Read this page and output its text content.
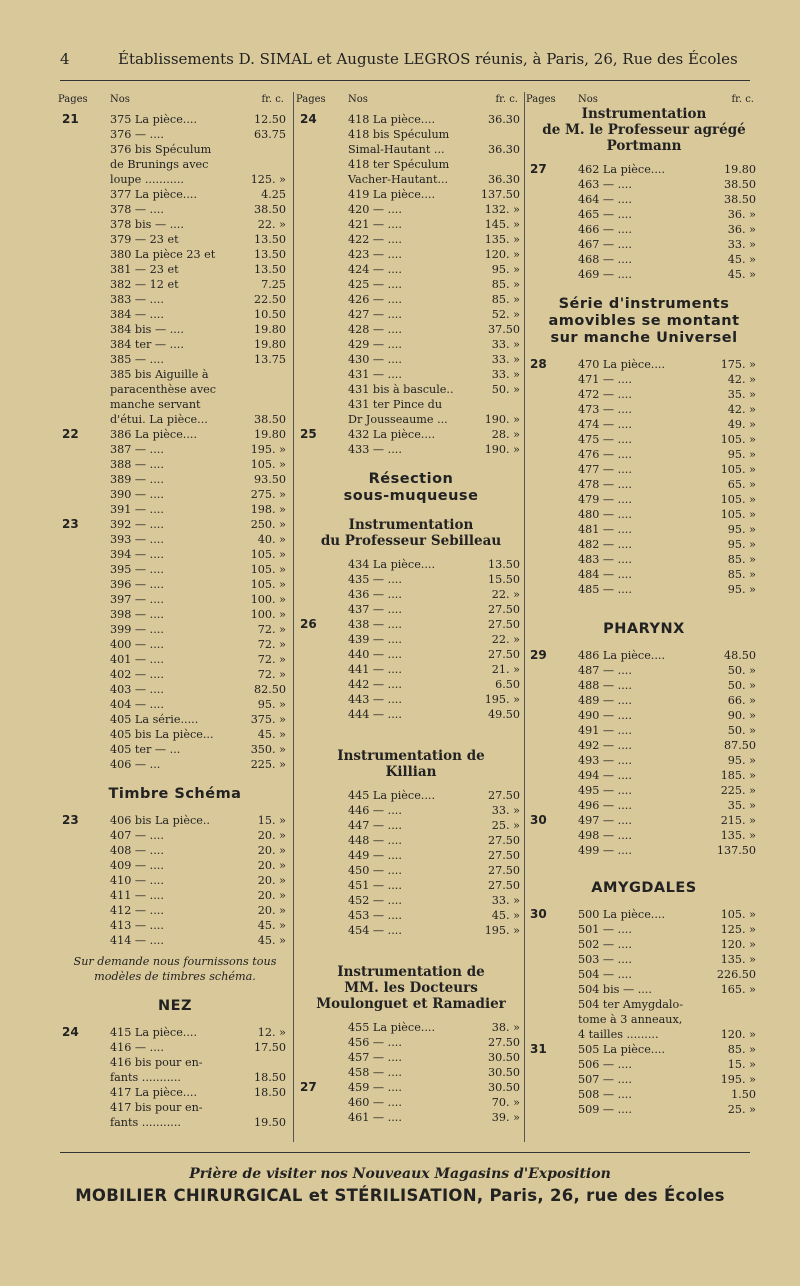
4	Établissements D. SIMAL et Auguste LEGROS réunis, à Paris, 26, Rue des Écoles
Pages Nos	fr. c.
21	375 La pièce....	12.50
376 — ....	63.75
376 bis Spéculum
de Brunings avec
loupe ...........	125. »
377 La pièce....	4.25
378 — ....	38.50
378 bis — ....	22. »
379 — 23 et	13.50
380 La pièce 23 et	13.50
381 — 23 et	13.50
382 — 12 et	7.25
383 — ....	22.50
384 — ....	10.50
384 bis — ....	19.80
384 ter — ....	19.80
385 — ....	13.75
385 bis Aiguille à
paracenthèse avec
manche servant
d'étui. La pièce...	38.50
22	386 La pièce....	19.80
387 — ....	195. »
388 — ....	105. »
389 — ....	93.50
390 — ....	275. »
391 — ....	198. »
23	392 — ....	250. »
393 — ....	40. »
394 — ....	105. »
395 — ....	105. »
396 — ....	105. »
397 — ....	100. »
398 — ....	100. »
399 — ....	72. »
400 — ....	72. »
401 — ....	72. »
402 — ....	72. »
403 — ....	82.50
404 — ....	95. »
405 La série.....	375. »
405 bis La pièce...	45. »
405 ter — ...	350. »
406 — ...	225. »
Timbre Schéma
23	406 bis La pièce..	15. »
407 — ....	20. »
408 — ....	20. »
409 — ....	20. »
410 — ....	20. »
411 — ....	20. »
412 — ....	20. »
413 — ....	45. »
414 — ....	45. »
Sur demande nous fournissons tous
modèles de timbres schéma.
NEZ
24	415 La pièce....	12. »
416 — ....	17.50
416 bis pour en-
fants ...........	18.50
417 La pièce....	18.50
417 bis pour en-
fants ...........	19.50
Pages Nos	fr. c.
24	418 La pièce....	36.30
418 bis Spéculum
Simal-Hautant ...	36.30
418 ter Spéculum
Vacher-Hautant...	36.30
419 La pièce....	137.50
420 — ....	132. »
421 — ....	145. »
422 — ....	135. »
423 — ....	120. »
424 — ....	95. »
425 — ....	85. »
426 — ....	85. »
427 — ....	52. »
428 — ....	37.50
429 — ....	33. »
430 — ....	33. »
431 — ....	33. »
431 bis à bascule..	50. »
431 ter Pince du
Dr Jousseaume ...	190. »
25	432 La pièce....	28. »
433 — ....	190. »
Résection
sous-muqueuse
Instrumentation
du Professeur Sebilleau
434 La pièce....	13.50
435 — ....	15.50
436 — ....	22. »
437 — ....	27.50
26	438 — ....	27.50
439 — ....	22. »
440 — ....	27.50
441 — ....	21. »
442 — ....	6.50
443 — ....	195. »
444 — ....	49.50
Instrumentation de
Killian
445 La pièce....	27.50
446 — ....	33. »
447 — ....	25. »
448 — ....	27.50
449 — ....	27.50
450 — ....	27.50
451 — ....	27.50
452 — ....	33. »
453 — ....	45. »
454 — ....	195. »
Instrumentation de
MM. les Docteurs
Moulonguet et Ramadier
455 La pièce....	38. »
456 — ....	27.50
457 — ....	30.50
458 — ....	30.50
27	459 — ....	30.50
460 — ....	70. »
461 — ....	39. »
Pages Nos	fr. c.
Instrumentation
de M. le Professeur agrégé
Portmann
27	462 La pièce....	19.80
463 — ....	38.50
464 — ....	38.50
465 — ....	36. »
466 — ....	36. »
467 — ....	33. »
468 — ....	45. »
469 — ....	45. »
Série d'instruments
amovibles se montant
sur manche Universel
28	470 La pièce....	175. »
471 — ....	42. »
472 — ....	35. »
473 — ....	42. »
474 — ....	49. »
475 — ....	105. »
476 — ....	95. »
477 — ....	105. »
478 — ....	65. »
479 — ....	105. »
480 — ....	105. »
481 — ....	95. »
482 — ....	95. »
483 — ....	85. »
484 — ....	85. »
485 — ....	95. »
PHARYNX
29	486 La pièce....	48.50
487 — ....	50. »
488 — ....	50. »
489 — ....	66. »
490 — ....	90. »
491 — ....	50. »
492 — ....	87.50
493 — ....	95. »
494 — ....	185. »
495 — ....	225. »
496 — ....	35. »
30	497 — ....	215. »
498 — ....	135. »
499 — ....	137.50
AMYGDALES
30	500 La pièce....	105. »
501 — ....	125. »
502 — ....	120. »
503 — ....	135. »
504 — ....	226.50
504 bis — ....	165. »
504 ter Amygdalo-
tome à 3 anneaux,
4 tailles .........	120. »
31	505 La pièce....	85. »
506 — ....	15. »
507 — ....	195. »
508 — ....	1.50
509 — ....	25. »
Prière de visiter nos Nouveaux Magasins d'Exposition
MOBILIER CHIRURGICAL et STÉRILISATION, Paris, 26, rue des Écoles
